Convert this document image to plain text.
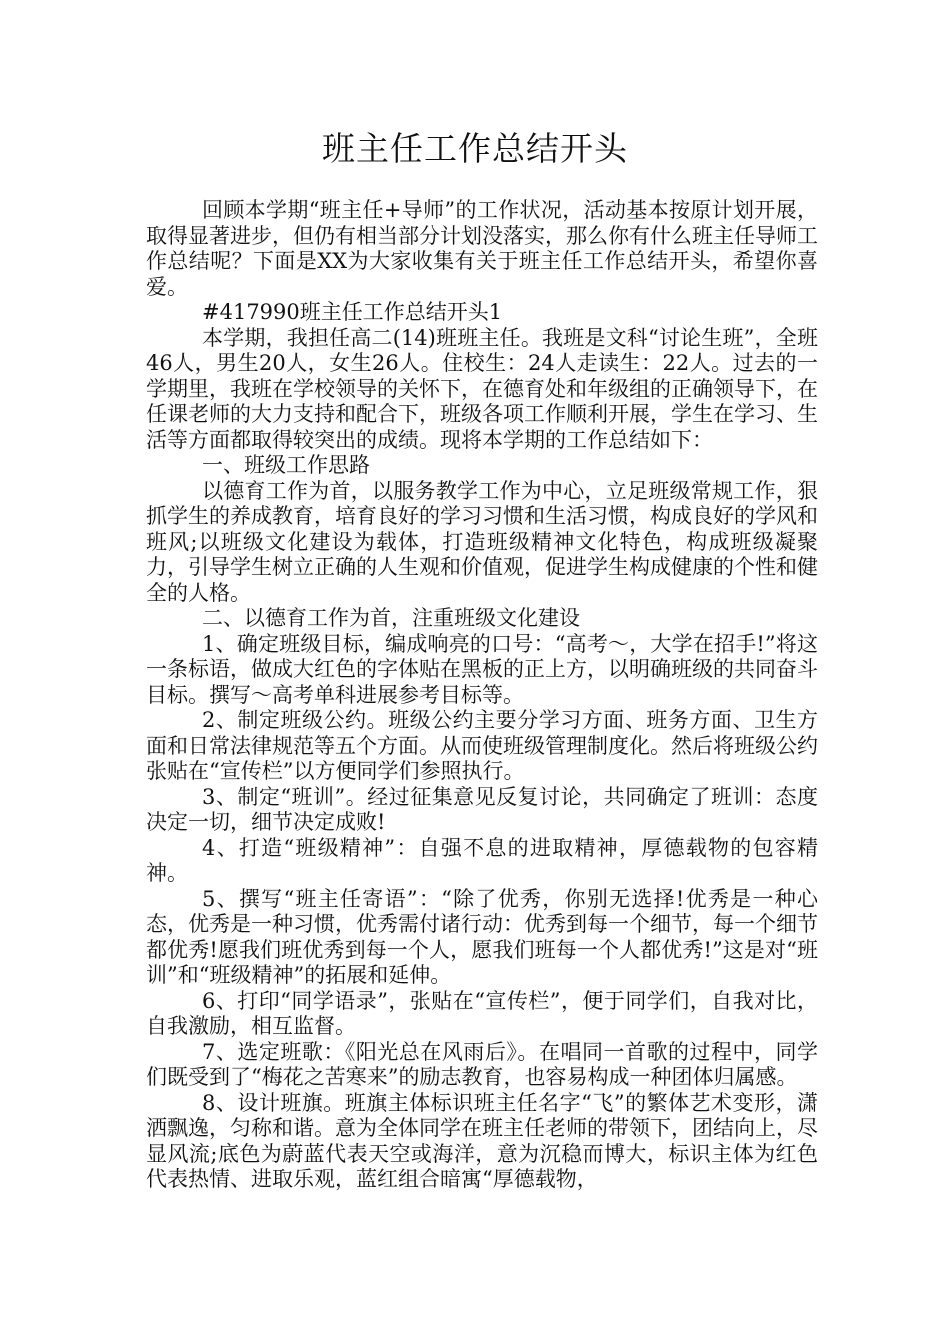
班主任工作总结开头

回顾本学期“班主任+导师”的工作状况，活动基本按原计划开展，取得显著进步，但仍有相当部分计划没落实，那么你有什么班主任导师工作总结呢？下面是XX为大家收集有关于班主任工作总结开头，希望你喜爱。

#417990班主任工作总结开头1

本学期，我担任高二(14)班班主任。我班是文科“讨论生班”，全班46人，男生20人，女生26人。住校生：24人走读生：22人。过去的一学期里，我班在学校领导的关怀下，在德育处和年级组的正确领导下，在任课老师的大力支持和配合下，班级各项工作顺利开展，学生在学习、生活等方面都取得较突出的成绩。现将本学期的工作总结如下：

一、班级工作思路

以德育工作为首，以服务教学工作为中心，立足班级常规工作，狠抓学生的养成教育，培育良好的学习习惯和生活习惯，构成良好的学风和班风;以班级文化建设为载体，打造班级精神文化特色，构成班级凝聚力，引导学生树立正确的人生观和价值观，促进学生构成健康的个性和健全的人格。

二、以德育工作为首，注重班级文化建设

1、确定班级目标，编成响亮的口号：“高考～，大学在招手!”将这一条标语，做成大红色的字体贴在黑板的正上方，以明确班级的共同奋斗目标。撰写～高考单科进展参考目标等。

2、制定班级公约。班级公约主要分学习方面、班务方面、卫生方面和日常法律规范等五个方面。从而使班级管理制度化。然后将班级公约张贴在“宣传栏”以方便同学们参照执行。

3、制定“班训”。经过征集意见反复讨论，共同确定了班训：态度决定一切，细节决定成败!

4、打造“班级精神”：自强不息的进取精神，厚德载物的包容精神。

5、撰写“班主任寄语”：“除了优秀，你别无选择!优秀是一种心态，优秀是一种习惯，优秀需付诸行动：优秀到每一个细节，每一个细节都优秀!愿我们班优秀到每一个人，愿我们班每一个人都优秀!”这是对“班训”和“班级精神”的拓展和延伸。

6、打印“同学语录”，张贴在“宣传栏”，便于同学们，自我对比，自我激励，相互监督。

7、选定班歌：《阳光总在风雨后》。在唱同一首歌的过程中，同学们既受到了“梅花之苦寒来”的励志教育，也容易构成一种团体归属感。

8、设计班旗。班旗主体标识班主任名字“飞”的繁体艺术变形，潇洒飘逸，匀称和谐。意为全体同学在班主任老师的带领下，团结向上，尽显风流;底色为蔚蓝代表天空或海洋，意为沉稳而博大，标识主体为红色代表热情、进取乐观，蓝红组合暗寓“厚德载物，
